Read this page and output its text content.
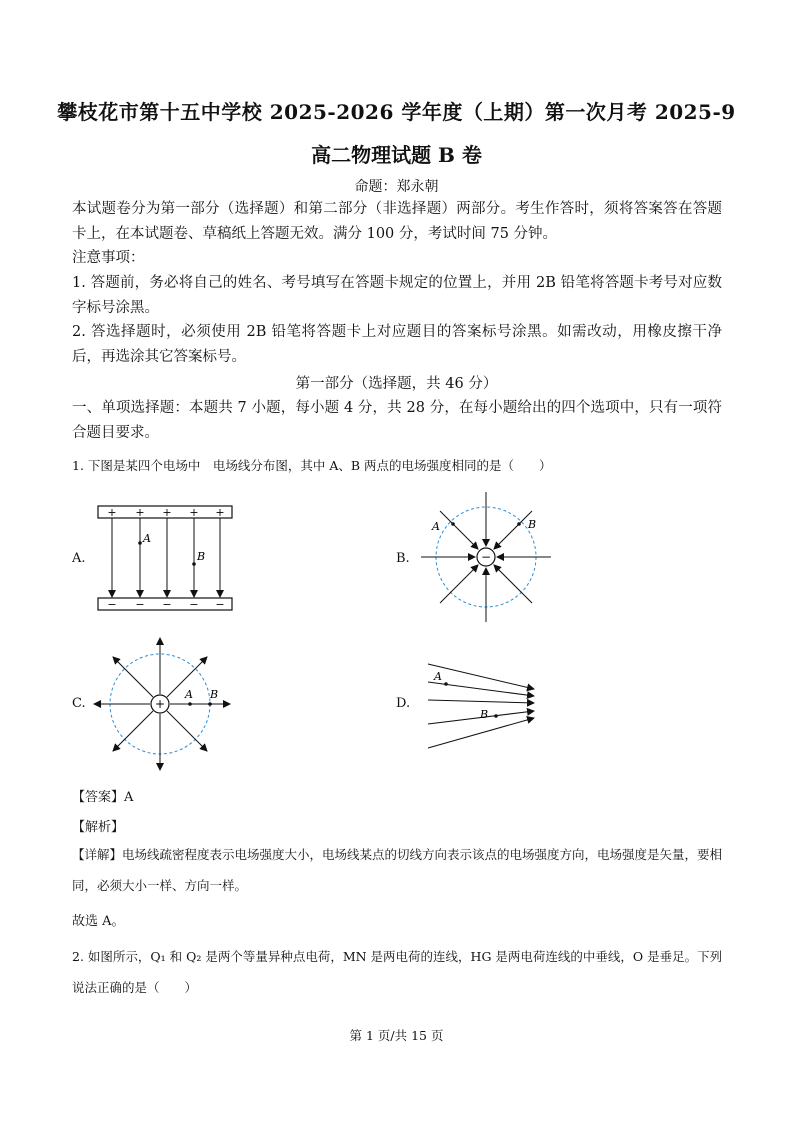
攀枝花市第十五中学校 2025-2026 学年度（上期）第一次月考 2025-9
高二物理试题 B 卷
命题：郑永朝
本试题卷分为第一部分（选择题）和第二部分（非选择题）两部分。考生作答时，须将答案答在答题卡上，在本试题卷、草稿纸上答题无效。满分 100 分，考试时间 75 分钟。
注意事项：
1. 答题前，务必将自己的姓名、考号填写在答题卡规定的位置上，并用 2B 铅笔将答题卡考号对应数字标号涂黑。
2. 答选择题时，必须使用 2B 铅笔将答题卡上对应题目的答案标号涂黑。如需改动，用橡皮擦干净后，再选涂其它答案标号。
第一部分（选择题，共 46 分）
一、单项选择题：本题共 7 小题，每小题 4 分，共 28 分，在每小题给出的四个选项中，只有一项符合题目要求。
1. 下图是某四个电场中　电场线分布图，其中 A、B 两点的电场强度相同的是（　　）
A.	B.
C.	D.
+ + + + +
− − − − −
A
B	−
A	B
+
A B
A
B
【答案】A
【解析】
【详解】电场线疏密程度表示电场强度大小，电场线某点的切线方向表示该点的电场强度方向，电场强度是矢量，要相同，必须大小一样、方向一样。
故选 A。
2. 如图所示，Q₁ 和 Q₂ 是两个等量异种点电荷，MN 是两电荷的连线，HG 是两电荷连线的中垂线，O 是垂足。下列说法正确的是（　　）
第 1 页/共 15 页
